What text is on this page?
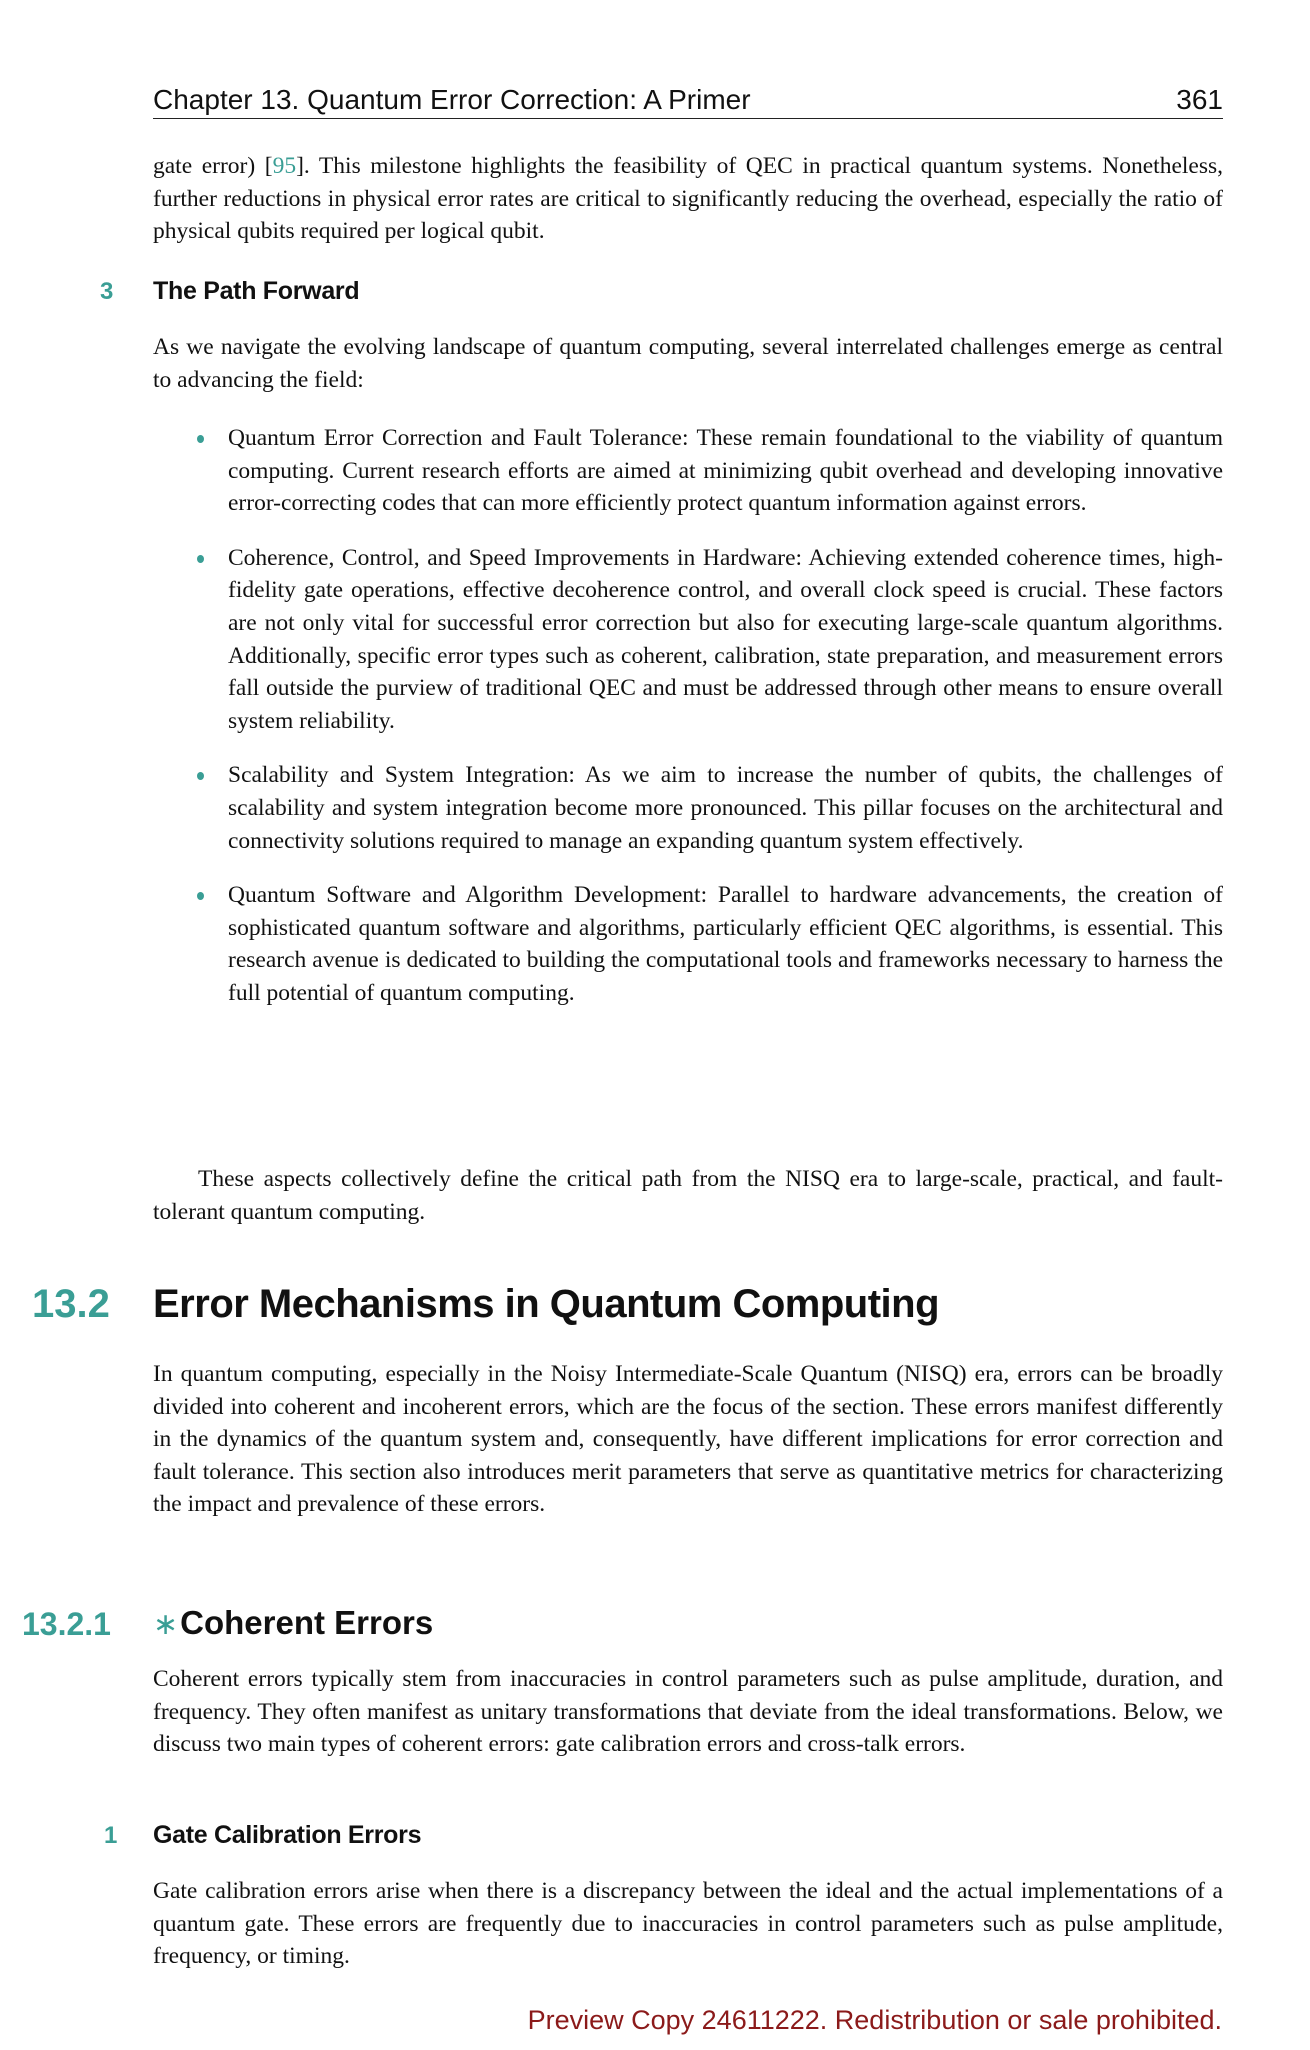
Chapter 13. Quantum Error Correction: A Primer	361

gate error) [95]. This milestone highlights the feasibility of QEC in practical quantum systems. Nonetheless, further reductions in physical error rates are critical to significantly reducing the overhead, especially the ratio of physical qubits required per logical qubit.

3 The Path Forward

As we navigate the evolving landscape of quantum computing, several interrelated challenges emerge as central to advancing the field:

Quantum Error Correction and Fault Tolerance: These remain foundational to the viability of quantum computing. Current research efforts are aimed at minimizing qubit overhead and developing innovative error-correcting codes that can more efficiently protect quantum information against errors.
Coherence, Control, and Speed Improvements in Hardware: Achieving extended coherence times, high-fidelity gate operations, effective decoherence control, and overall clock speed is crucial. These factors are not only vital for successful error correction but also for executing large-scale quantum algorithms. Additionally, specific error types such as coherent, calibration, state preparation, and measurement errors fall outside the purview of traditional QEC and must be addressed through other means to ensure overall system reliability.
Scalability and System Integration: As we aim to increase the number of qubits, the challenges of scalability and system integration become more pronounced. This pillar focuses on the architectural and connectivity solutions required to manage an expanding quantum system effectively.
Quantum Software and Algorithm Development: Parallel to hardware advancements, the creation of sophisticated quantum software and algorithms, particularly efficient QEC algorithms, is essential. This research avenue is dedicated to building the computational tools and frameworks necessary to harness the full potential of quantum computing.

These aspects collectively define the critical path from the NISQ era to large-scale, practical, and fault-tolerant quantum computing.

13.2 Error Mechanisms in Quantum Computing

In quantum computing, especially in the Noisy Intermediate-Scale Quantum (NISQ) era, errors can be broadly divided into coherent and incoherent errors, which are the focus of the section. These errors manifest differently in the dynamics of the quantum system and, consequently, have different implications for error correction and fault tolerance. This section also introduces merit parameters that serve as quantitative metrics for characterizing the impact and prevalence of these errors.

13.2.1 ∗Coherent Errors

Coherent errors typically stem from inaccuracies in control parameters such as pulse amplitude, duration, and frequency. They often manifest as unitary transformations that deviate from the ideal transformations. Below, we discuss two main types of coherent errors: gate calibration errors and cross-talk errors.

1 Gate Calibration Errors

Gate calibration errors arise when there is a discrepancy between the ideal and the actual implementations of a quantum gate. These errors are frequently due to inaccuracies in control parameters such as pulse amplitude, frequency, or timing.

Preview Copy 24611222. Redistribution or sale prohibited.
